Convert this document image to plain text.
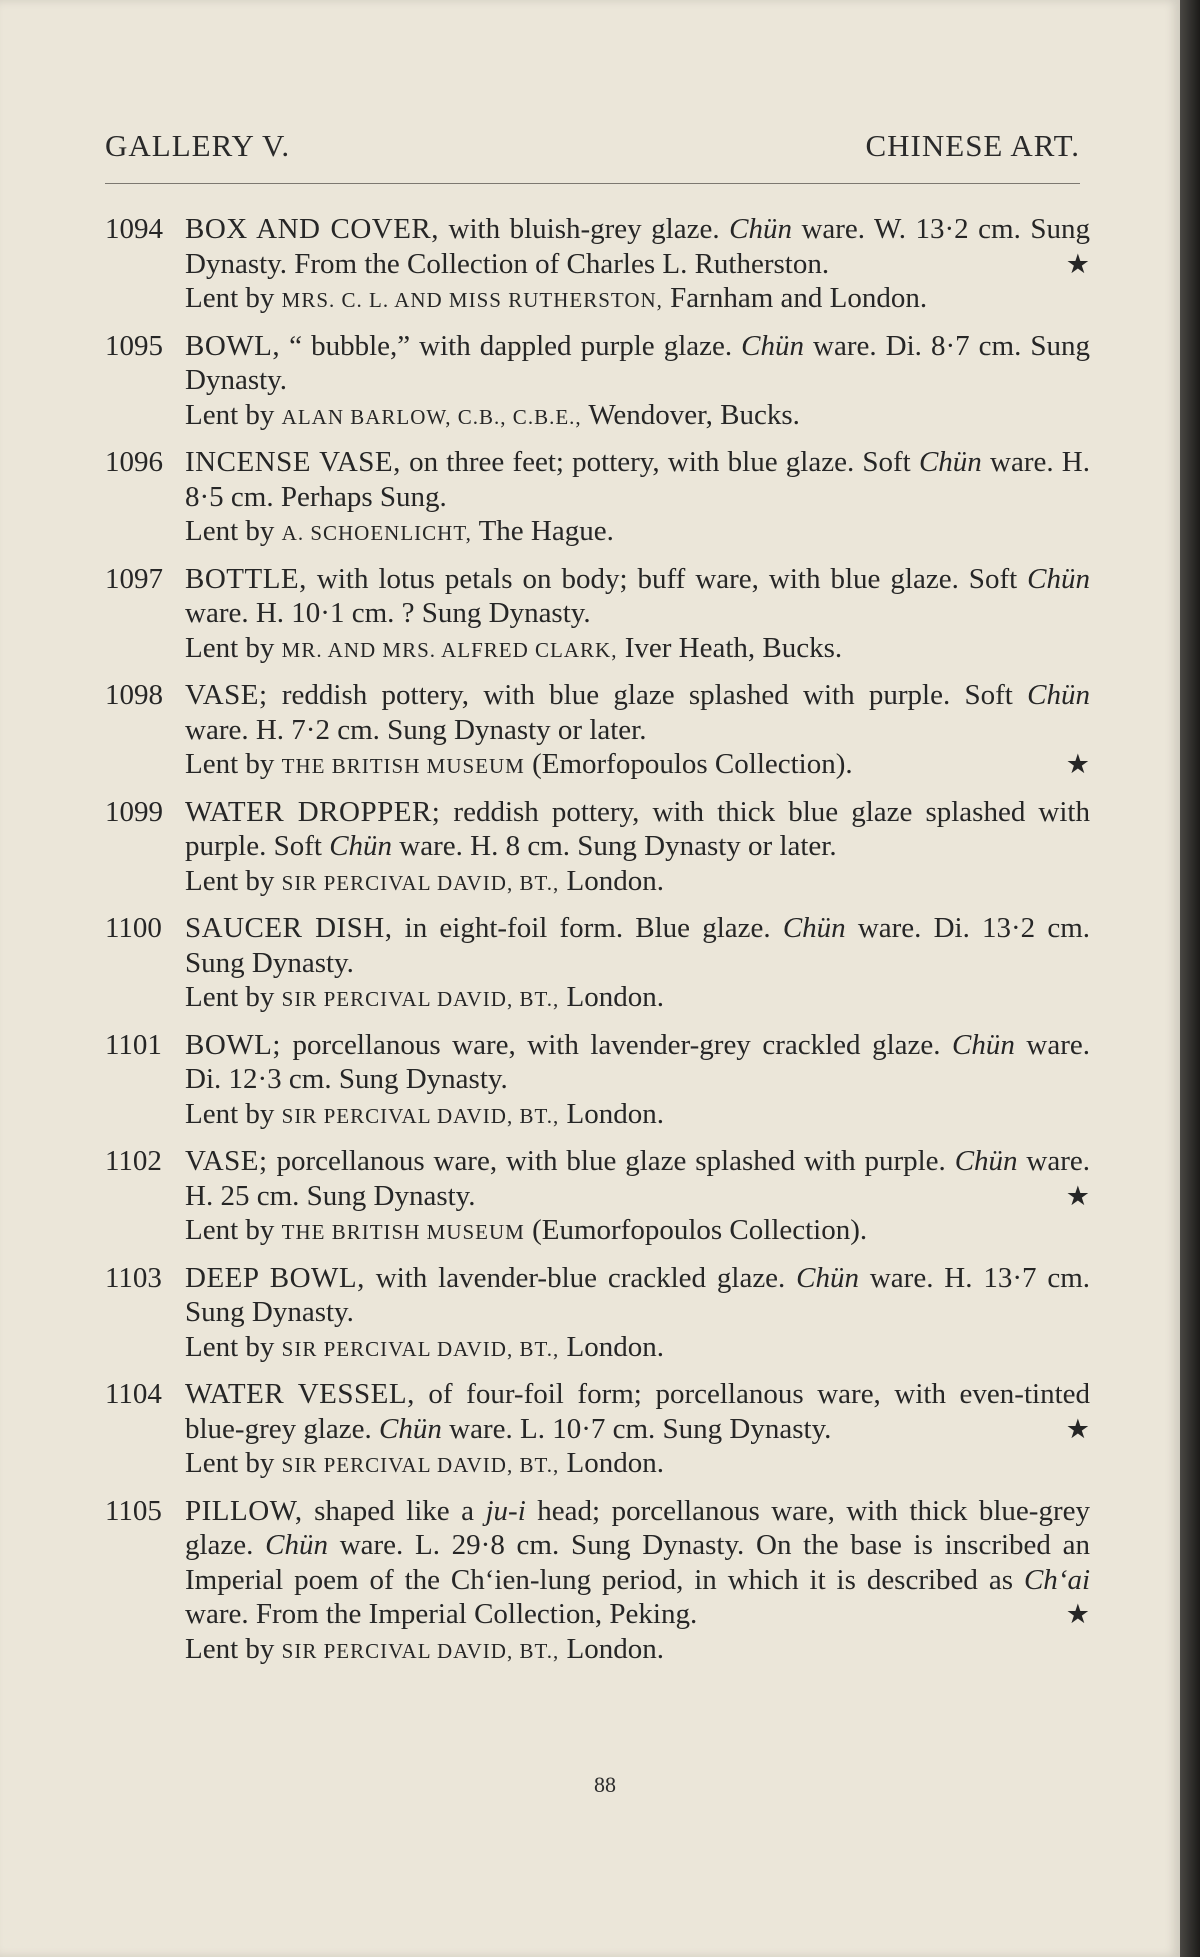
GALLERY V.	CHINESE ART.
1094 BOX AND COVER, with bluish-grey glaze. Chün ware. W. 13·2 cm. Sung Dynasty. From the Collection of Charles L. Rutherston.	★
Lent by MRS. C. L. AND MISS RUTHERSTON, Farnham and London.
1095 BOWL, “ bubble,” with dappled purple glaze. Chün ware. Di. 8·7 cm. Sung Dynasty.
Lent by ALAN BARLOW, C.B., C.B.E., Wendover, Bucks.
1096 INCENSE VASE, on three feet; pottery, with blue glaze. Soft Chün ware. H. 8·5 cm. Perhaps Sung.
Lent by A. SCHOENLICHT, The Hague.
1097 BOTTLE, with lotus petals on body; buff ware, with blue glaze. Soft Chün ware. H. 10·1 cm. ? Sung Dynasty.
Lent by MR. AND MRS. ALFRED CLARK, Iver Heath, Bucks.
1098 VASE; reddish pottery, with blue glaze splashed with purple. Soft Chün ware. H. 7·2 cm. Sung Dynasty or later.
★
Lent by THE BRITISH MUSEUM (Emorfopoulos Collection).
1099 WATER DROPPER; reddish pottery, with thick blue glaze splashed with purple. Soft Chün ware. H. 8 cm. Sung Dynasty or later.
Lent by SIR PERCIVAL DAVID, BT., London.
1100 SAUCER DISH, in eight-foil form. Blue glaze. Chün ware. Di. 13·2 cm. Sung Dynasty.
Lent by SIR PERCIVAL DAVID, BT., London.
1101 BOWL; porcellanous ware, with lavender-grey crackled glaze. Chün ware. Di. 12·3 cm. Sung Dynasty.
Lent by SIR PERCIVAL DAVID, BT., London.
1102 VASE; porcellanous ware, with blue glaze splashed with purple. Chün ware. H. 25 cm. Sung Dynasty.	★
Lent by THE BRITISH MUSEUM (Eumorfopoulos Collection).
1103 DEEP BOWL, with lavender-blue crackled glaze. Chün ware. H. 13·7 cm. Sung Dynasty.
Lent by SIR PERCIVAL DAVID, BT., London.
1104 WATER VESSEL, of four-foil form; porcellanous ware, with even-tinted blue-grey glaze. Chün ware. L. 10·7 cm. Sung Dynasty.	★
Lent by SIR PERCIVAL DAVID, BT., London.
1105 PILLOW, shaped like a ju-i head; porcellanous ware, with thick blue-grey glaze. Chün ware. L. 29·8 cm. Sung Dynasty. On the base is inscribed an Imperial poem of the Ch‘ien-lung period, in which it is described as Ch‘ai ware. From the Imperial Collection, Peking.	★
Lent by SIR PERCIVAL DAVID, BT., London.
88
